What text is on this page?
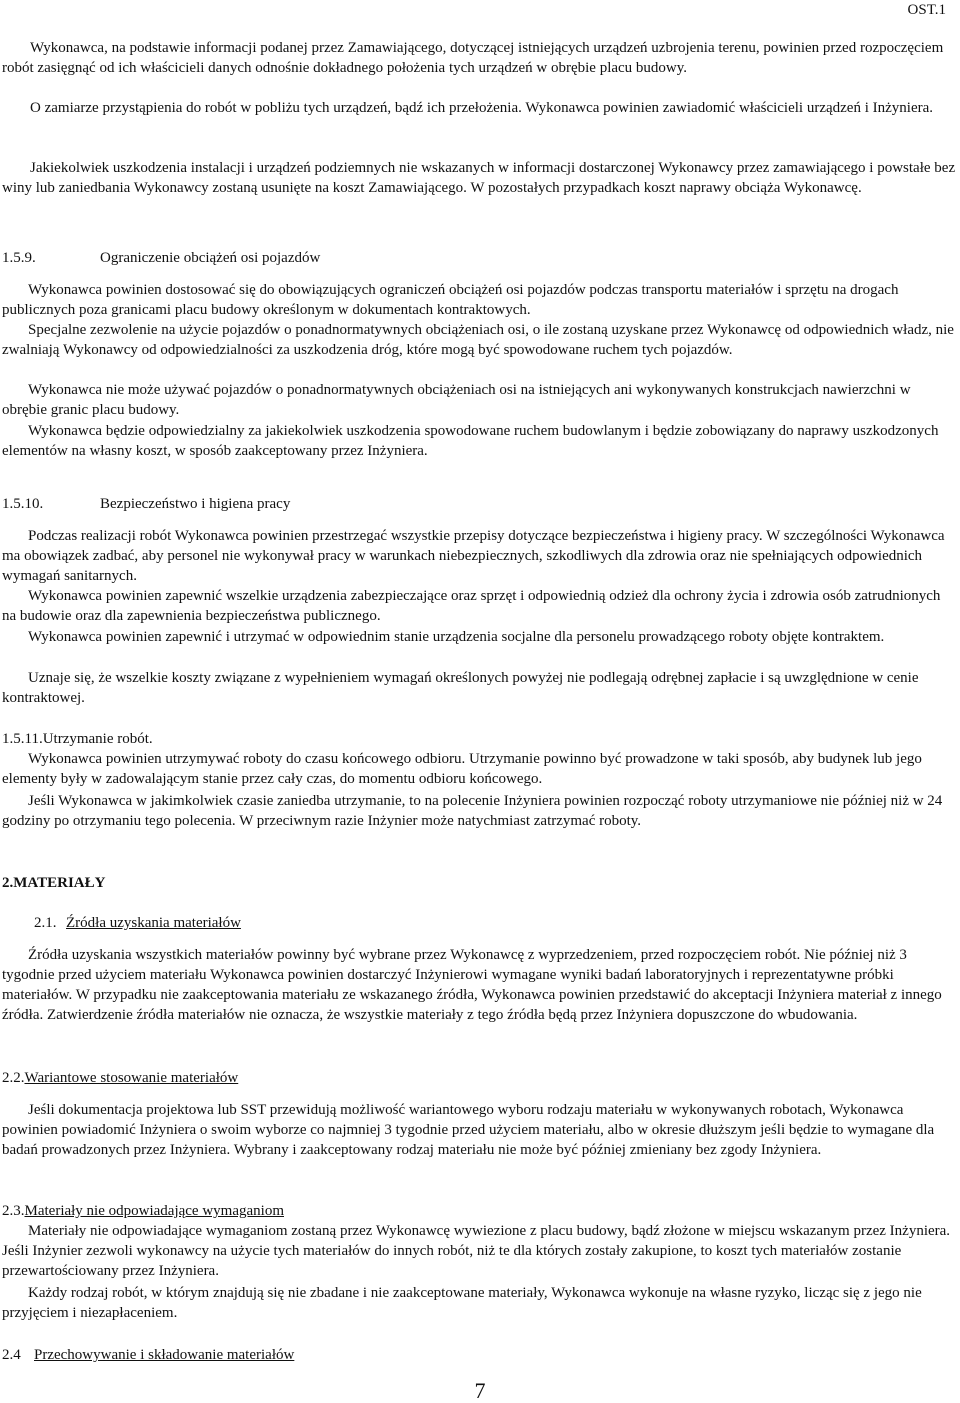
OST.1

Wykonawca, na podstawie informacji podanej przez Zamawiającego, dotyczącej istniejących urządzeń uzbrojenia terenu, powinien przed rozpoczęciem robót zasięgnąć od ich właścicieli danych odnośnie dokładnego położenia tych urządzeń w obrębie placu budowy.

O zamiarze przystąpienia do robót w pobliżu tych urządzeń, bądź ich przełożenia. Wykonawca powinien zawiadomić właścicieli urządzeń i Inżyniera.

Jakiekolwiek uszkodzenia instalacji i urządzeń podziemnych nie wskazanych w informacji dostarczonej Wykonawcy przez zamawiającego i powstałe bez winy lub zaniedbania Wykonawcy zostaną usunięte na koszt Zamawiającego. W pozostałych przypadkach koszt naprawy obciąża Wykonawcę.

1.5.9.	Ograniczenie obciążeń osi pojazdów

Wykonawca powinien dostosować się do obowiązujących ograniczeń obciążeń osi pojazdów podczas transportu materiałów i sprzętu na drogach publicznych poza granicami placu budowy określonym w dokumentach kontraktowych.

Specjalne zezwolenie na użycie pojazdów o ponadnormatywnych obciążeniach osi, o ile zostaną uzyskane przez Wykonawcę od odpowiednich władz, nie zwalniają Wykonawcy od odpowiedzialności za uszkodzenia dróg, które mogą być spowodowane ruchem tych pojazdów.

Wykonawca nie może używać pojazdów o ponadnormatywnych obciążeniach osi na istniejących ani wykonywanych konstrukcjach nawierzchni w obrębie granic placu budowy.

Wykonawca będzie odpowiedzialny za jakiekolwiek uszkodzenia spowodowane ruchem budowlanym i będzie zobowiązany do naprawy uszkodzonych elementów na własny koszt, w sposób zaakceptowany przez Inżyniera.

1.5.10.	Bezpieczeństwo i higiena pracy

Podczas realizacji robót Wykonawca powinien przestrzegać wszystkie przepisy dotyczące bezpieczeństwa i higieny pracy. W szczególności Wykonawca ma obowiązek zadbać, aby personel nie wykonywał pracy w warunkach niebezpiecznych, szkodliwych dla zdrowia oraz nie spełniających odpowiednich wymagań sanitarnych.

Wykonawca powinien zapewnić wszelkie urządzenia zabezpieczające oraz sprzęt i odpowiednią odzież dla ochrony życia i zdrowia osób zatrudnionych na budowie oraz dla zapewnienia bezpieczeństwa publicznego.

Wykonawca powinien zapewnić i utrzymać w odpowiednim stanie urządzenia socjalne dla personelu prowadzącego roboty objęte kontraktem.

Uznaje się, że wszelkie koszty związane z wypełnieniem wymagań określonych powyżej nie podlegają odrębnej zapłacie i są uwzględnione w cenie kontraktowej.

1.5.11.Utrzymanie robót.

Wykonawca powinien utrzymywać roboty do czasu końcowego odbioru. Utrzymanie powinno być prowadzone w taki sposób, aby budynek lub jego elementy były w zadowalającym stanie przez cały czas, do momentu odbioru końcowego.

Jeśli Wykonawca w jakimkolwiek czasie zaniedba utrzymanie, to na polecenie Inżyniera powinien rozpocząć roboty utrzymaniowe nie później niż w 24 godziny po otrzymaniu tego polecenia. W przeciwnym razie Inżynier może natychmiast zatrzymać roboty.

2.MATERIAŁY
2.1. Źródła uzyskania materiałów

Źródła uzyskania wszystkich materiałów powinny być wybrane przez Wykonawcę z wyprzedzeniem, przed rozpoczęciem robót. Nie później niż 3 tygodnie przed użyciem materiału Wykonawca powinien dostarczyć Inżynierowi wymagane wyniki badań laboratoryjnych i reprezentatywne próbki materiałów. W przypadku nie zaakceptowania materiału ze wskazanego źródła, Wykonawca powinien przedstawić do akceptacji Inżyniera materiał z innego źródła. Zatwierdzenie źródła materiałów nie oznacza, że wszystkie materiały z tego źródła będą przez Inżyniera dopuszczone do wbudowania.

2.2.Wariantowe stosowanie materiałów

Jeśli dokumentacja projektowa lub SST przewidują możliwość wariantowego wyboru rodzaju materiału w wykonywanych robotach, Wykonawca powinien powiadomić Inżyniera o swoim wyborze co najmniej 3 tygodnie przed użyciem materiału, albo w okresie dłuższym jeśli będzie to wymagane dla badań prowadzonych przez Inżyniera. Wybrany i zaakceptowany rodzaj materiału nie może być później zmieniany bez zgody Inżyniera.

2.3.Materiały nie odpowiadające wymaganiom

Materiały nie odpowiadające wymaganiom zostaną przez Wykonawcę wywiezione z placu budowy, bądź złożone w miejscu wskazanym przez Inżyniera. Jeśli Inżynier zezwoli wykonawcy na użycie tych materiałów do innych robót, niż te dla których zostały zakupione, to koszt tych materiałów zostanie przewartościowany przez Inżyniera.

Każdy rodzaj robót, w którym znajdują się nie zbadane i nie zaakceptowane materiały, Wykonawca wykonuje na własne ryzyko, licząc się z jego nie przyjęciem i niezapłaceniem.

2.4 Przechowywanie i składowanie materiałów
7
